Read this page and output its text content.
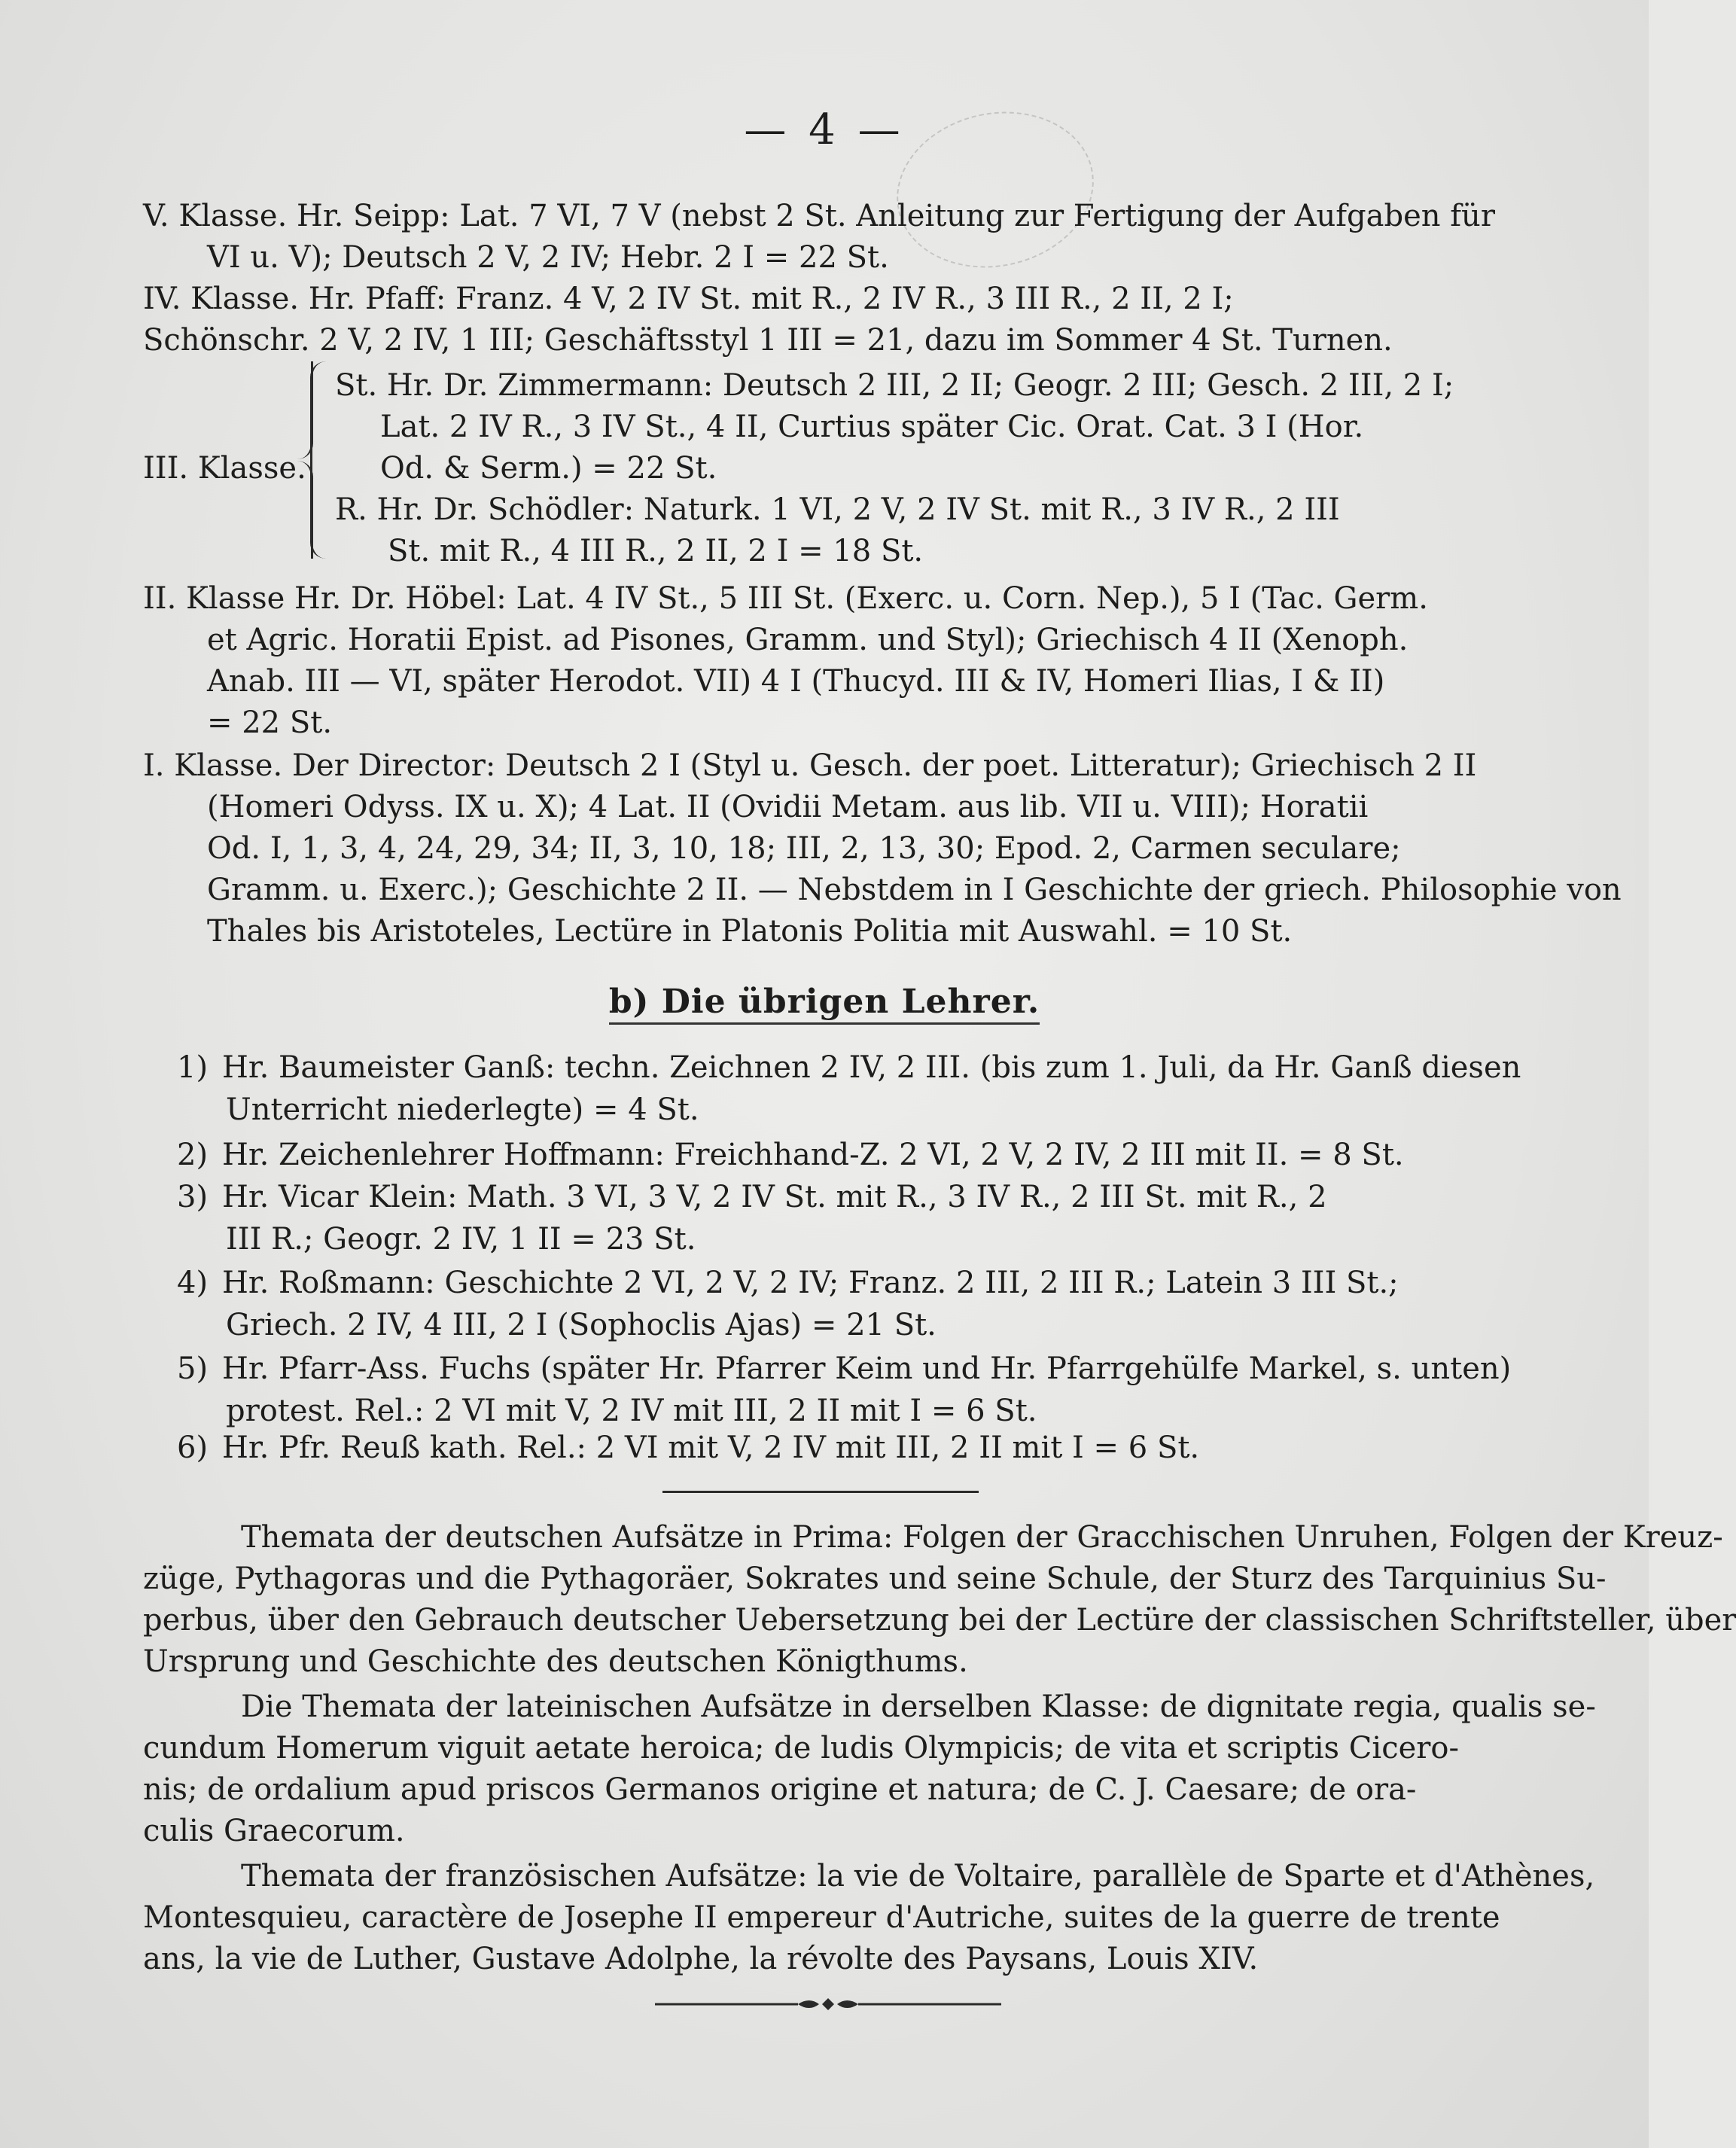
— 4 —
V. Klasse. Hr. Seipp: Lat. 7 VI, 7 V (nebst 2 St. Anleitung zur Fertigung der Aufgaben für
VI u. V); Deutsch 2 V, 2 IV; Hebr. 2 I = 22 St.
IV. Klasse. Hr. Pfaff: Franz. 4 V, 2 IV St. mit R., 2 IV R., 3 III R., 2 II, 2 I;
Schönschr. 2 V, 2 IV, 1 III; Geschäftsstyl 1 III = 21, dazu im Sommer 4 St. Turnen.
III. Klasse.
St. Hr. Dr. Zimmermann: Deutsch 2 III, 2 II; Geogr. 2 III; Gesch. 2 III, 2 I;
Lat. 2 IV R., 3 IV St., 4 II, Curtius später Cic. Orat. Cat. 3 I (Hor.
Od. & Serm.) = 22 St.
R. Hr. Dr. Schödler: Naturk. 1 VI, 2 V, 2 IV St. mit R., 3 IV R., 2 III
St. mit R., 4 III R., 2 II, 2 I = 18 St.
II. Klasse Hr. Dr. Höbel: Lat. 4 IV St., 5 III St. (Exerc. u. Corn. Nep.), 5 I (Tac. Germ.
et Agric. Horatii Epist. ad Pisones, Gramm. und Styl); Griechisch 4 II (Xenoph.
Anab. III — VI, später Herodot. VII) 4 I (Thucyd. III & IV, Homeri Ilias, I & II)
= 22 St.
I. Klasse. Der Director: Deutsch 2 I (Styl u. Gesch. der poet. Litteratur); Griechisch 2 II
(Homeri Odyss. IX u. X); 4 Lat. II (Ovidii Metam. aus lib. VII u. VIII); Horatii
Od. I, 1, 3, 4, 24, 29, 34; II, 3, 10, 18; III, 2, 13, 30; Epod. 2, Carmen seculare;
Gramm. u. Exerc.); Geschichte 2 II. — Nebstdem in I Geschichte der griech. Philosophie von
Thales bis Aristoteles, Lectüre in Platonis Politia mit Auswahl. = 10 St.
b) Die übrigen Lehrer.
1) Hr. Baumeister Ganß: techn. Zeichnen 2 IV, 2 III. (bis zum 1. Juli, da Hr. Ganß diesen
Unterricht niederlegte) = 4 St.
2) Hr. Zeichenlehrer Hoffmann: Freichhand-Z. 2 VI, 2 V, 2 IV, 2 III mit II. = 8 St.
3) Hr. Vicar Klein: Math. 3 VI, 3 V, 2 IV St. mit R., 3 IV R., 2 III St. mit R., 2
III R.; Geogr. 2 IV, 1 II = 23 St.
4) Hr. Roßmann: Geschichte 2 VI, 2 V, 2 IV; Franz. 2 III, 2 III R.; Latein 3 III St.;
Griech. 2 IV, 4 III, 2 I (Sophoclis Ajas) = 21 St.
5) Hr. Pfarr-Ass. Fuchs (später Hr. Pfarrer Keim und Hr. Pfarrgehülfe Markel, s. unten)
protest. Rel.: 2 VI mit V, 2 IV mit III, 2 II mit I = 6 St.
6) Hr. Pfr. Reuß kath. Rel.: 2 VI mit V, 2 IV mit III, 2 II mit I = 6 St.
Themata der deutschen Aufsätze in Prima: Folgen der Gracchischen Unruhen, Folgen der Kreuz-
züge, Pythagoras und die Pythagoräer, Sokrates und seine Schule, der Sturz des Tarquinius Su-
perbus, über den Gebrauch deutscher Uebersetzung bei der Lectüre der classischen Schriftsteller, über
Ursprung und Geschichte des deutschen Königthums.
Die Themata der lateinischen Aufsätze in derselben Klasse: de dignitate regia, qualis se-
cundum Homerum viguit aetate heroica; de ludis Olympicis; de vita et scriptis Cicero-
nis; de ordalium apud priscos Germanos origine et natura; de C. J. Caesare; de ora-
culis Graecorum.
Themata der französischen Aufsätze: la vie de Voltaire, parallèle de Sparte et d'Athènes,
Montesquieu, caractère de Josephe II empereur d'Autriche, suites de la guerre de trente
ans, la vie de Luther, Gustave Adolphe, la révolte des Paysans, Louis XIV.
